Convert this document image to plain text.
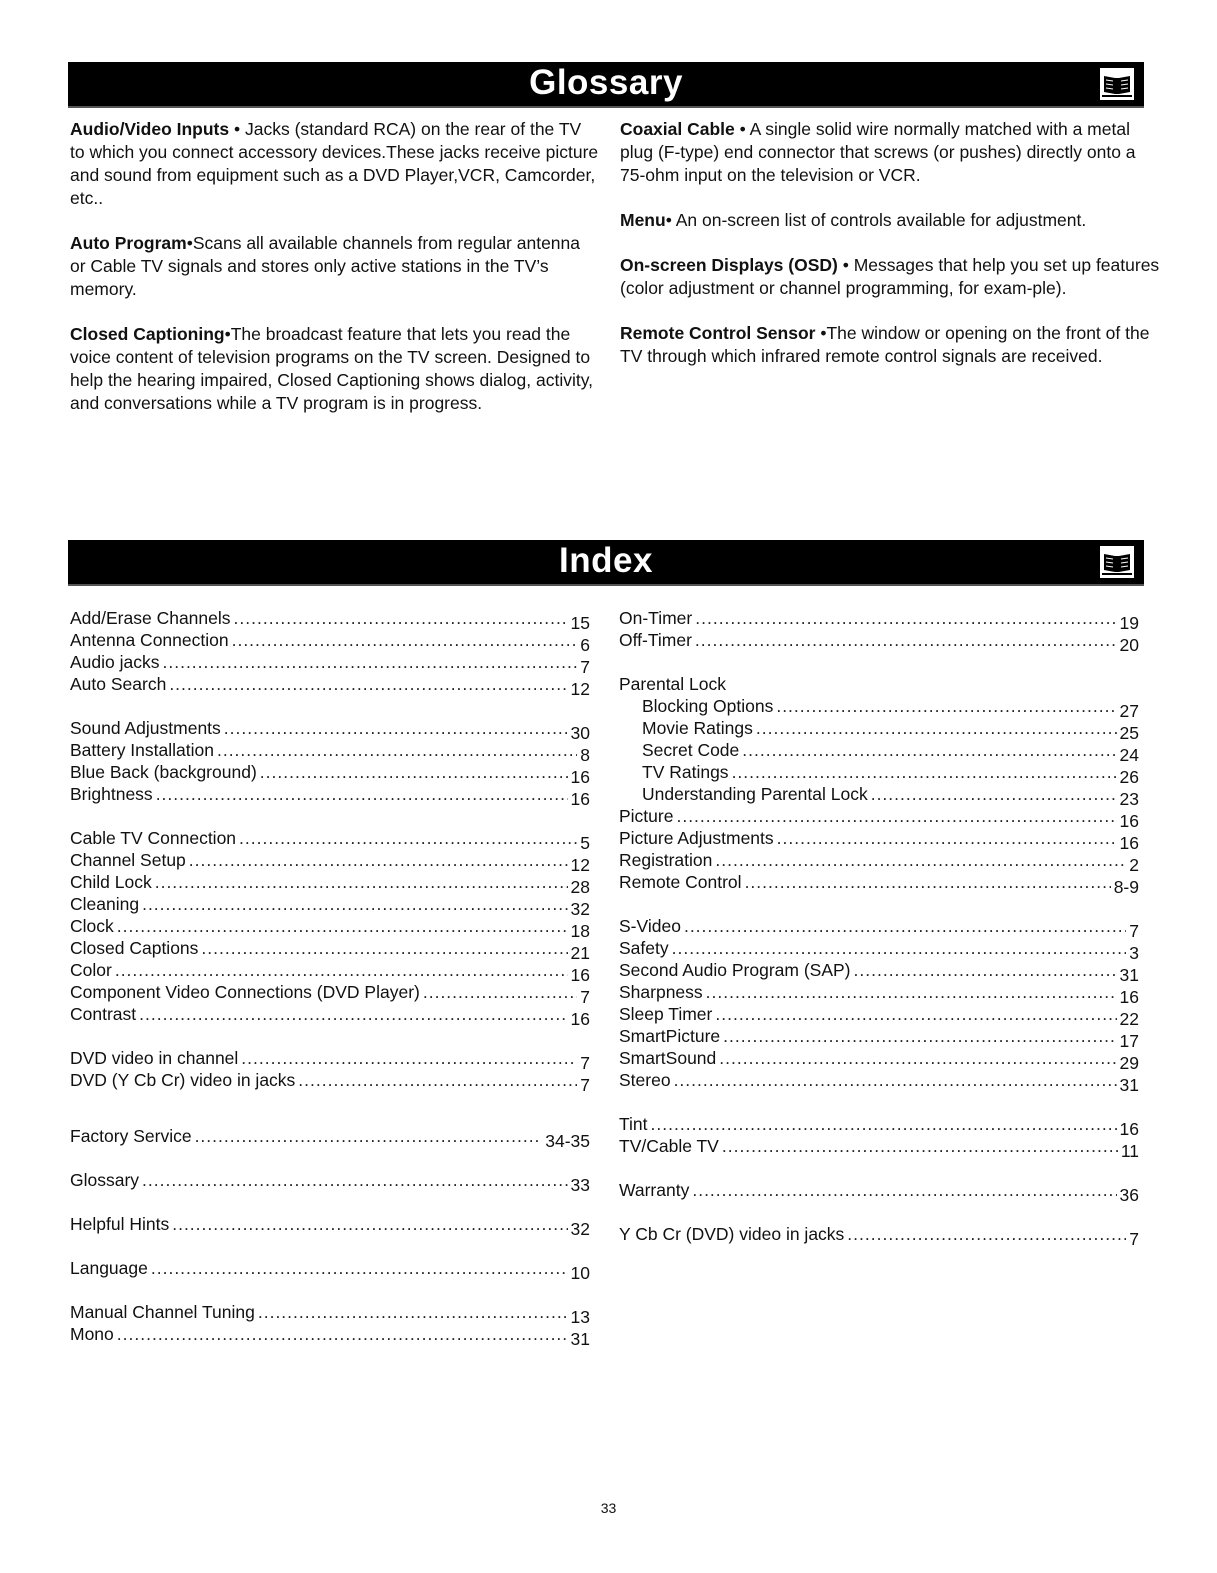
Glossary

Audio/Video Inputs • Jacks (standard RCA) on the rear of the TV to which you connect accessory devices.These jacks receive picture and sound from equipment such as a DVD Player,VCR, Camcorder, etc..

Auto Program•Scans all available channels from regular antenna or Cable TV signals and stores only active stations in the TV’s memory.

Closed Captioning•The broadcast feature that lets you read the voice content of television programs on the TV screen. Designed to help the hearing impaired, Closed Captioning shows dialog, activity, and conversations while a TV program is in progress.

Coaxial Cable • A single solid wire normally matched with a metal plug (F-type) end connector that screws (or pushes) directly onto a 75-ohm input on the television or VCR.

Menu• An on-screen list of controls available for adjustment.

On-screen Displays (OSD) • Messages that help you set up features (color adjustment or channel programming, for exam-ple).

Remote Control Sensor •The window or opening on the front of the TV through which infrared remote control signals are received.

Index
Add/Erase Channels .....	15
Antenna Connection .....	6
Audio jacks .....	7
Auto Search .....	12
Sound Adjustments .....	30
Battery Installation .....	8
Blue Back (background) .....	16
Brightness .....	16
Cable TV Connection .....	5
Channel Setup .....	12
Child Lock .....	28
Cleaning .....	32
Clock .....	18
Closed Captions .....	21
Color .....	16
Component Video Connections (DVD Player) .....	7
Contrast .....	16
DVD video in channel .....	7
DVD (Y Cb Cr) video in jacks .....	7
Factory Service .....	34-35
Glossary .....	33
Helpful Hints .....	32
Language .....	10
Manual Channel Tuning .....	13
Mono .....	31
On-Timer .....	19
Off-Timer .....	20
Parental Lock
Blocking Options .....	27
Movie Ratings .....	25
Secret Code .....	24
TV Ratings .....	26
Understanding Parental Lock .....	23
Picture .....	16
Picture Adjustments .....	16
Registration .....	2
Remote Control .....	8-9
S-Video .....	7
Safety .....	3
Second Audio Program (SAP) .....	31
Sharpness .....	16
Sleep Timer .....	22
SmartPicture .....	17
SmartSound .....	29
Stereo .....	31
Tint .....	16
TV/Cable TV .....	11
Warranty .....	36
Y Cb Cr (DVD) video in jacks .....	7
33
